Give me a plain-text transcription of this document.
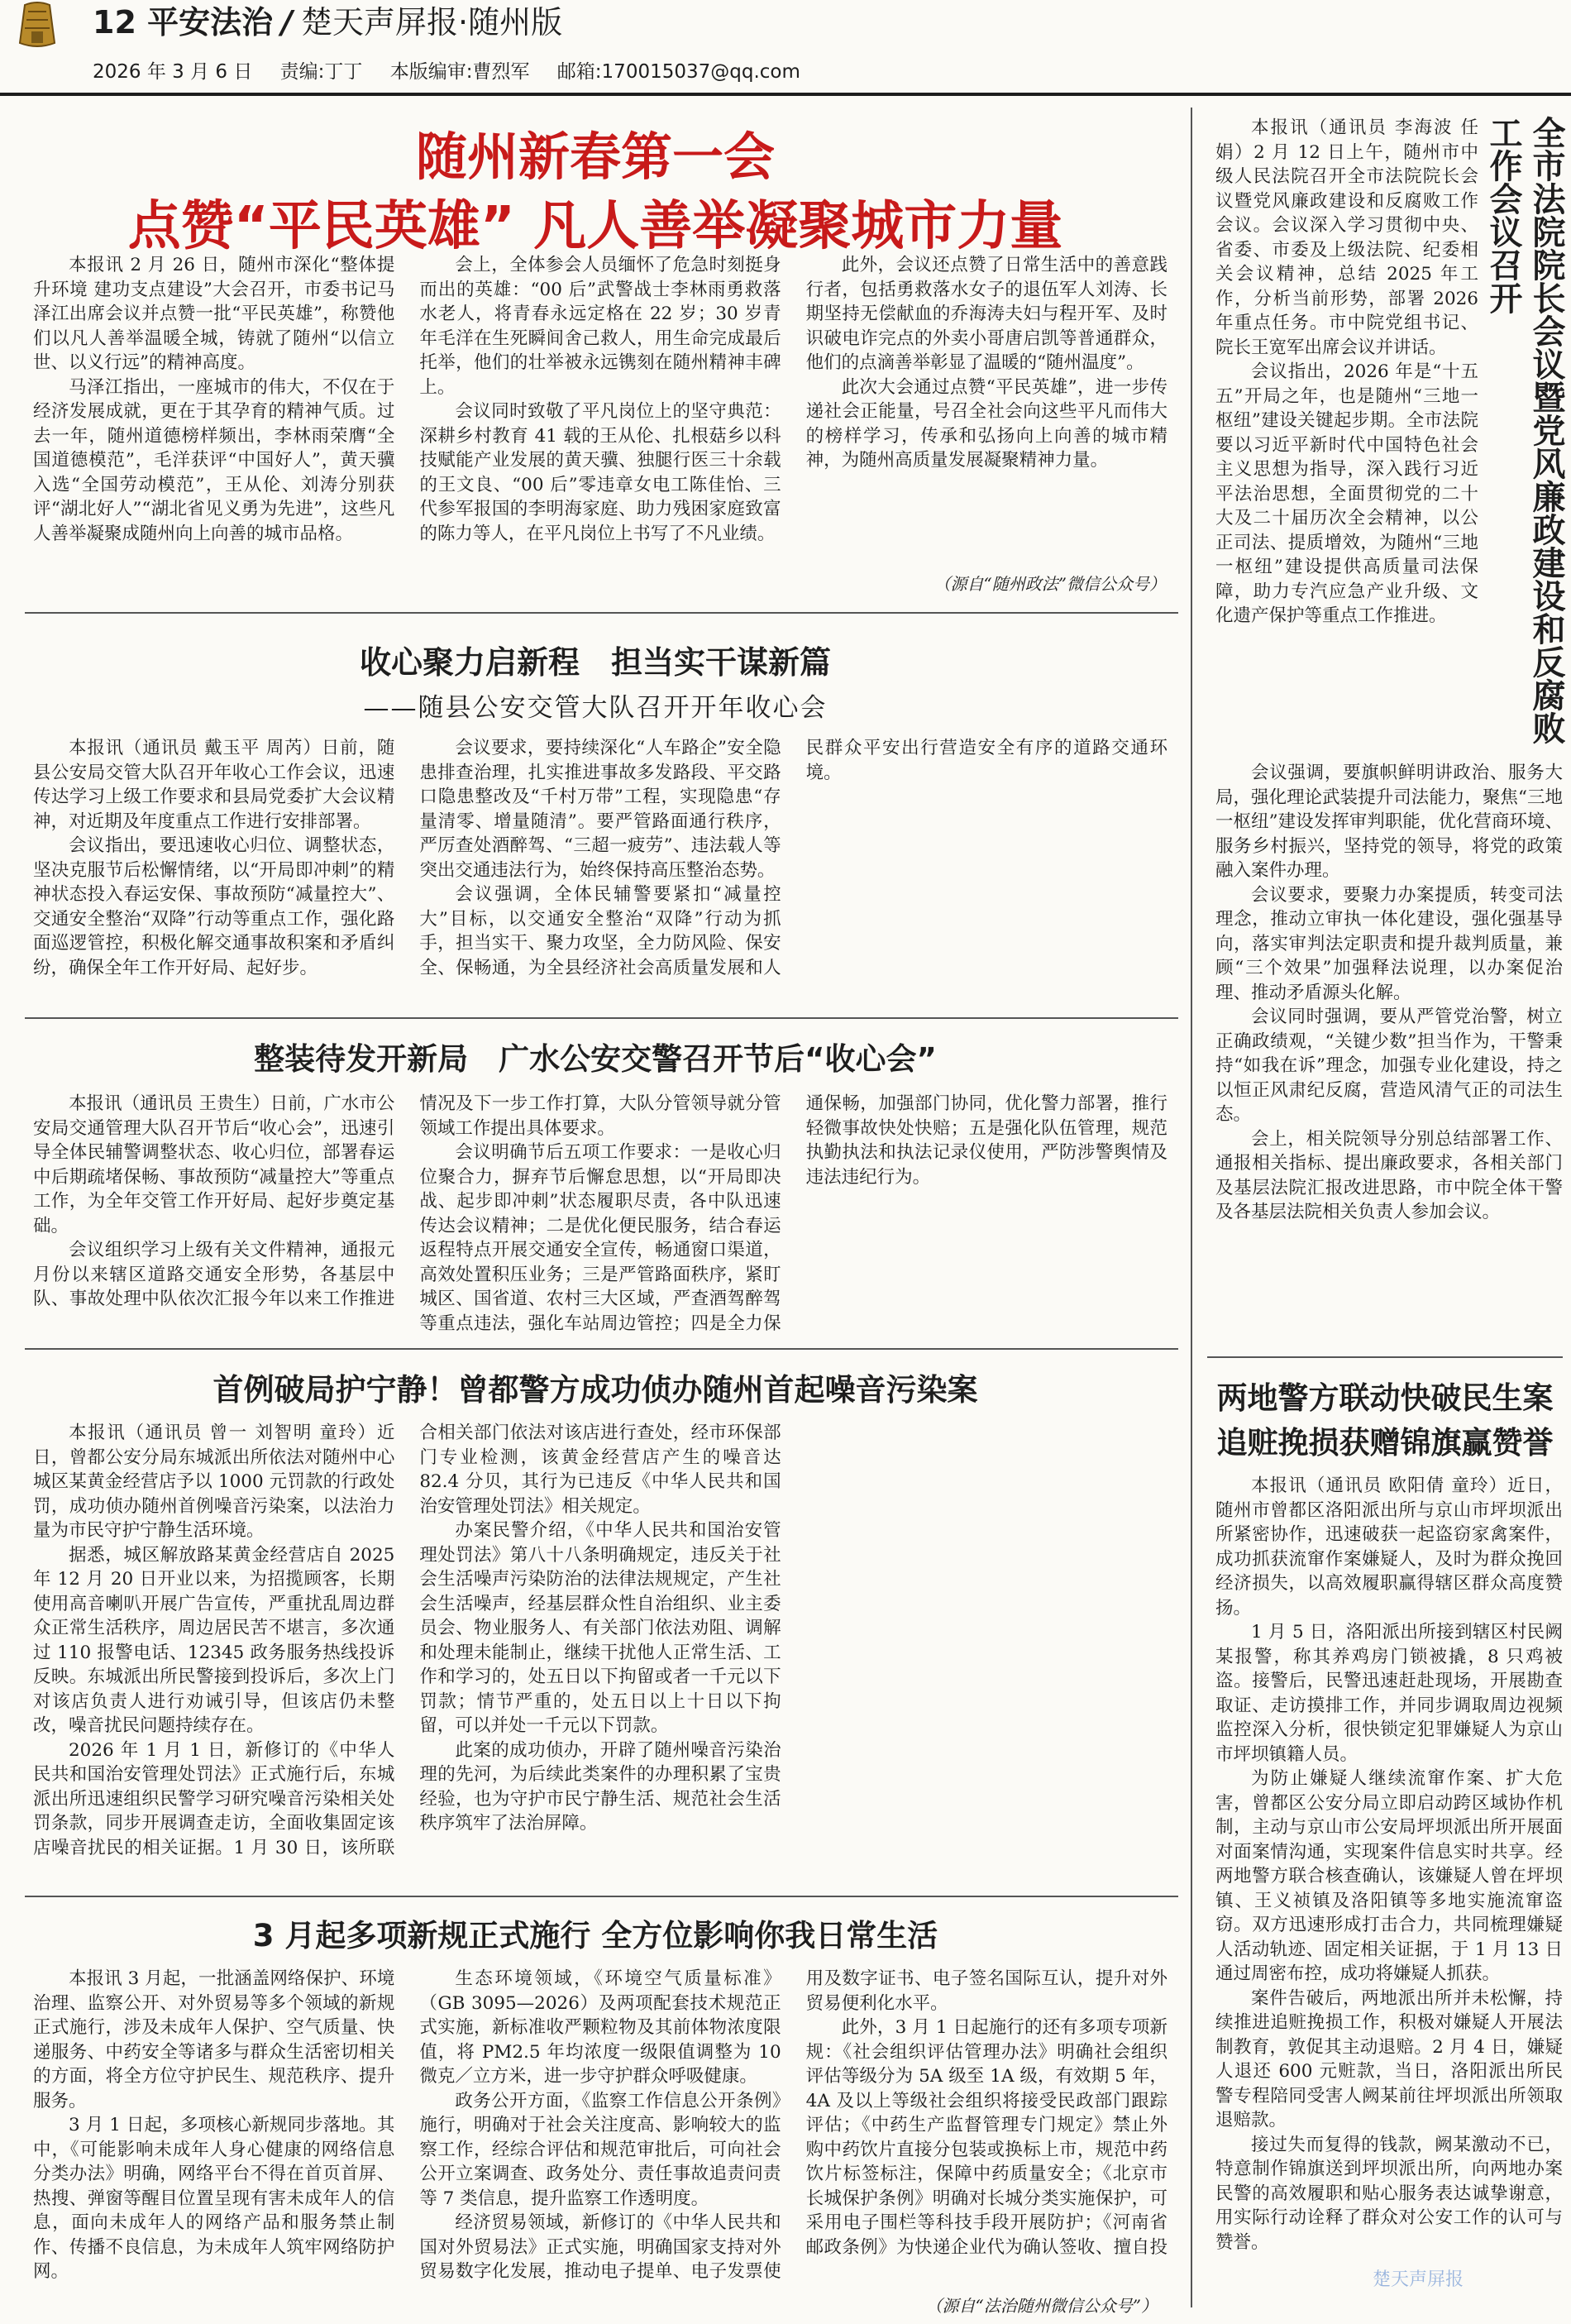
12 平安法治 / 楚天声屏报·随州版
2026 年 3 月 6 日 责编:丁丁 本版编审:曹烈军 邮箱:170015037@qq.com
随州新春第一会
点赞“平民英雄” 凡人善举凝聚城市力量

本报讯 2 月 26 日，随州市深化“整体提升环境 建功支点建设”大会召开，市委书记马泽江出席会议并点赞一批“平民英雄”，称赞他们以凡人善举温暖全城，铸就了随州“以信立世、以义行远”的精神高度。

马泽江指出，一座城市的伟大，不仅在于经济发展成就，更在于其孕育的精神气质。过去一年，随州道德榜样频出，李林雨荣膺“全国道德模范”，毛洋获评“中国好人”，黄天骥入选“全国劳动模范”，王从伦、刘涛分别获评“湖北好人”“湖北省见义勇为先进”，这些凡人善举凝聚成随州向上向善的城市品格。

会上，全体参会人员缅怀了危急时刻挺身而出的英雄：“00 后”武警战士李林雨勇救落水老人，将青春永远定格在 22 岁；30 岁青年毛洋在生死瞬间舍己救人，用生命完成最后托举，他们的壮举被永远镌刻在随州精神丰碑上。

会议同时致敬了平凡岗位上的坚守典范：深耕乡村教育 41 载的王从伦、扎根菇乡以科技赋能产业发展的黄天骥、独腿行医三十余载的王文良、“00 后”零违章女电工陈佳怡、三代参军报国的李明海家庭、助力残困家庭致富的陈力等人，在平凡岗位上书写了不凡业绩。

此外，会议还点赞了日常生活中的善意践行者，包括勇救落水女子的退伍军人刘涛、长期坚持无偿献血的乔海涛夫妇与程开军、及时识破电诈完点的外卖小哥唐启凯等普通群众，他们的点滴善举彰显了温暖的“随州温度”。

此次大会通过点赞“平民英雄”，进一步传递社会正能量，号召全社会向这些平凡而伟大的榜样学习，传承和弘扬向上向善的城市精神，为随州高质量发展凝聚精神力量。

（源自“随州政法”微信公众号）
收心聚力启新程　担当实干谋新篇
——随县公安交管大队召开开年收心会

本报讯（通讯员 戴玉平 周芮）日前，随县公安局交管大队召开年收心工作会议，迅速传达学习上级工作要求和县局党委扩大会议精神，对近期及年度重点工作进行安排部署。

会议指出，要迅速收心归位、调整状态，坚决克服节后松懈情绪，以“开局即冲刺”的精神状态投入春运安保、事故预防“减量控大”、交通安全整治“双降”行动等重点工作，强化路面巡逻管控，积极化解交通事故积案和矛盾纠纷，确保全年工作开好局、起好步。

会议要求，要持续深化“人车路企”安全隐患排查治理，扎实推进事故多发路段、平交路口隐患整改及“千村万带”工程，实现隐患“存量清零、增量随清”。要严管路面通行秩序，严厉查处酒醉驾、“三超一疲劳”、违法载人等突出交通违法行为，始终保持高压整治态势。

会议强调，全体民辅警要紧扣“减量控大”目标，以交通安全整治“双降”行动为抓手，担当实干、聚力攻坚，全力防风险、保安全、保畅通，为全县经济社会高质量发展和人民群众平安出行营造安全有序的道路交通环境。

整装待发开新局　广水公安交警召开节后“收心会”

本报讯（通讯员 王贵生）日前，广水市公安局交通管理大队召开节后“收心会”，迅速引导全体民辅警调整状态、收心归位，部署春运中后期疏堵保畅、事故预防“减量控大”等重点工作，为全年交管工作开好局、起好步奠定基础。

会议组织学习上级有关文件精神，通报元月份以来辖区道路交通安全形势，各基层中队、事故处理中队依次汇报今年以来工作推进情况及下一步工作打算，大队分管领导就分管领域工作提出具体要求。

会议明确节后五项工作要求：一是收心归位聚合力，摒弃节后懈怠思想，以“开局即决战、起步即冲刺”状态履职尽责，各中队迅速传达会议精神；二是优化便民服务，结合春运返程特点开展交通安全宣传，畅通窗口渠道，高效处置积压业务；三是严管路面秩序，紧盯城区、国省道、农村三大区域，严查酒驾醉驾等重点违法，强化车站周边管控；四是全力保通保畅，加强部门协同，优化警力部署，推行轻微事故快处快赔；五是强化队伍管理，规范执勤执法和执法记录仪使用，严防涉警舆情及违法违纪行为。

首例破局护宁静！曾都警方成功侦办随州首起噪音污染案

本报讯（通讯员 曾一 刘智明 童玲）近日，曾都公安分局东城派出所依法对随州中心城区某黄金经营店予以 1000 元罚款的行政处罚，成功侦办随州首例噪音污染案，以法治力量为市民守护宁静生活环境。

据悉，城区解放路某黄金经营店自 2025 年 12 月 20 日开业以来，为招揽顾客，长期使用高音喇叭开展广告宣传，严重扰乱周边群众正常生活秩序，周边居民苦不堪言，多次通过 110 报警电话、12345 政务服务热线投诉反映。东城派出所民警接到投诉后，多次上门对该店负责人进行劝诫引导，但该店仍未整改，噪音扰民问题持续存在。

2026 年 1 月 1 日，新修订的《中华人民共和国治安管理处罚法》正式施行后，东城派出所迅速组织民警学习研究噪音污染相关处罚条款，同步开展调查走访，全面收集固定该店噪音扰民的相关证据。1 月 30 日，该所联合相关部门依法对该店进行查处，经市环保部门专业检测，该黄金经营店产生的噪音达 82.4 分贝，其行为已违反《中华人民共和国治安管理处罚法》相关规定。

办案民警介绍，《中华人民共和国治安管理处罚法》第八十八条明确规定，违反关于社会生活噪声污染防治的法律法规规定，产生社会生活噪声，经基层群众性自治组织、业主委员会、物业服务人、有关部门依法劝阻、调解和处理未能制止，继续干扰他人正常生活、工作和学习的，处五日以下拘留或者一千元以下罚款；情节严重的，处五日以上十日以下拘留，可以并处一千元以下罚款。

此案的成功侦办，开辟了随州噪音污染治理的先河，为后续此类案件的办理积累了宝贵经验，也为守护市民宁静生活、规范社会生活秩序筑牢了法治屏障。

3 月起多项新规正式施行 全方位影响你我日常生活

本报讯 3 月起，一批涵盖网络保护、环境治理、监察公开、对外贸易等多个领域的新规正式施行，涉及未成年人保护、空气质量、快递服务、中药安全等诸多与群众生活密切相关的方面，将全方位守护民生、规范秩序、提升服务。

3 月 1 日起，多项核心新规同步落地。其中，《可能影响未成年人身心健康的网络信息分类办法》明确，网络平台不得在首页首屏、热搜、弹窗等醒目位置呈现有害未成年人的信息，面向未成年人的网络产品和服务禁止制作、传播不良信息，为未成年人筑牢网络防护网。

生态环境领域，《环境空气质量标准》（GB 3095—2026）及两项配套技术规范正式实施，新标准收严颗粒物及其前体物浓度限值，将 PM2.5 年均浓度一级限值调整为 10 微克／立方米，进一步守护群众呼吸健康。

政务公开方面，《监察工作信息公开条例》施行，明确对于社会关注度高、影响较大的监察工作，经综合评估和规范审批后，可向社会公开立案调查、政务处分、责任事故追责问责等 7 类信息，提升监察工作透明度。

经济贸易领域，新修订的《中华人民共和国对外贸易法》正式实施，明确国家支持对外贸易数字化发展，推动电子提单、电子发票使用及数字证书、电子签名国际互认，提升对外贸易便利化水平。

此外，3 月 1 日起施行的还有多项专项新规：《社会组织评估管理办法》明确社会组织评估等级分为 5A 级至 1A 级，有效期 5 年，4A 及以上等级社会组织将接受民政部门跟踪评估；《中药生产监督管理专门规定》禁止外购中药饮片直接分包装或换标上市，规范中药饮片标签标注，保障中药质量安全；《北京市长城保护条例》明确对长城分类实施保护，可采用电子围栏等科技手段开展防护；《河南省邮政条例》为快递企业代为确认签收、擅自投

（源自“法治随州微信公众号”）
全市法院院长会议暨党风廉政建设和反腐败工作会议召开

本报讯（通讯员 李海波 任娟）2 月 12 日上午，随州市中级人民法院召开全市法院院长会议暨党风廉政建设和反腐败工作会议。会议深入学习贯彻中央、省委、市委及上级法院、纪委相关会议精神，总结 2025 年工作，分析当前形势，部署 2026 年重点任务。市中院党组书记、院长王宽军出席会议并讲话。

会议指出，2026 年是“十五五”开局之年，也是随州“三地一枢纽”建设关键起步期。全市法院要以习近平新时代中国特色社会主义思想为指导，深入践行习近平法治思想，全面贯彻党的二十大及二十届历次全会精神，以公正司法、提质增效，为随州“三地一枢纽”建设提供高质量司法保障，助力专汽应急产业升级、文化遗产保护等重点工作推进。

会议强调，要旗帜鲜明讲政治、服务大局，强化理论武装提升司法能力，聚焦“三地一枢纽”建设发挥审判职能，优化营商环境、服务乡村振兴，坚持党的领导，将党的政策融入案件办理。

会议要求，要聚力办案提质，转变司法理念，推动立审执一体化建设，强化强基导向，落实审判法定职责和提升裁判质量，兼顾“三个效果”加强释法说理，以办案促治理、推动矛盾源头化解。

会议同时强调，要从严管党治警，树立正确政绩观，“关键少数”担当作为，干警秉持“如我在诉”理念，加强专业化建设，持之以恒正风肃纪反腐，营造风清气正的司法生态。

会上，相关院领导分别总结部署工作、通报相关指标、提出廉政要求，各相关部门及基层法院汇报改进思路，市中院全体干警及各基层法院相关负责人参加会议。

两地警方联动快破民生案
追赃挽损获赠锦旗赢赞誉

本报讯（通讯员 欧阳倩 童玲）近日，随州市曾都区洛阳派出所与京山市坪坝派出所紧密协作，迅速破获一起盗窃家禽案件，成功抓获流窜作案嫌疑人，及时为群众挽回经济损失，以高效履职赢得辖区群众高度赞扬。

1 月 5 日，洛阳派出所接到辖区村民阙某报警，称其养鸡房门锁被撬，8 只鸡被盗。接警后，民警迅速赶赴现场，开展勘查取证、走访摸排工作，并同步调取周边视频监控深入分析，很快锁定犯罪嫌疑人为京山市坪坝镇籍人员。

为防止嫌疑人继续流窜作案、扩大危害，曾都区公安分局立即启动跨区域协作机制，主动与京山市公安局坪坝派出所开展面对面案情沟通，实现案件信息实时共享。经两地警方联合核查确认，该嫌疑人曾在坪坝镇、王义祯镇及洛阳镇等多地实施流窜盗窃。双方迅速形成打击合力，共同梳理嫌疑人活动轨迹、固定相关证据，于 1 月 13 日通过周密布控，成功将嫌疑人抓获。

案件告破后，两地派出所并未松懈，持续推进追赃挽损工作，积极对嫌疑人开展法制教育，敦促其主动退赔。2 月 4 日，嫌疑人退还 600 元赃款，当日，洛阳派出所民警专程陪同受害人阙某前往坪坝派出所领取退赔款。

接过失而复得的钱款，阙某激动不已，特意制作锦旗送到坪坝派出所，向两地办案民警的高效履职和贴心服务表达诚挚谢意，用实际行动诠释了群众对公安工作的认可与赞誉。

楚天声屏报
